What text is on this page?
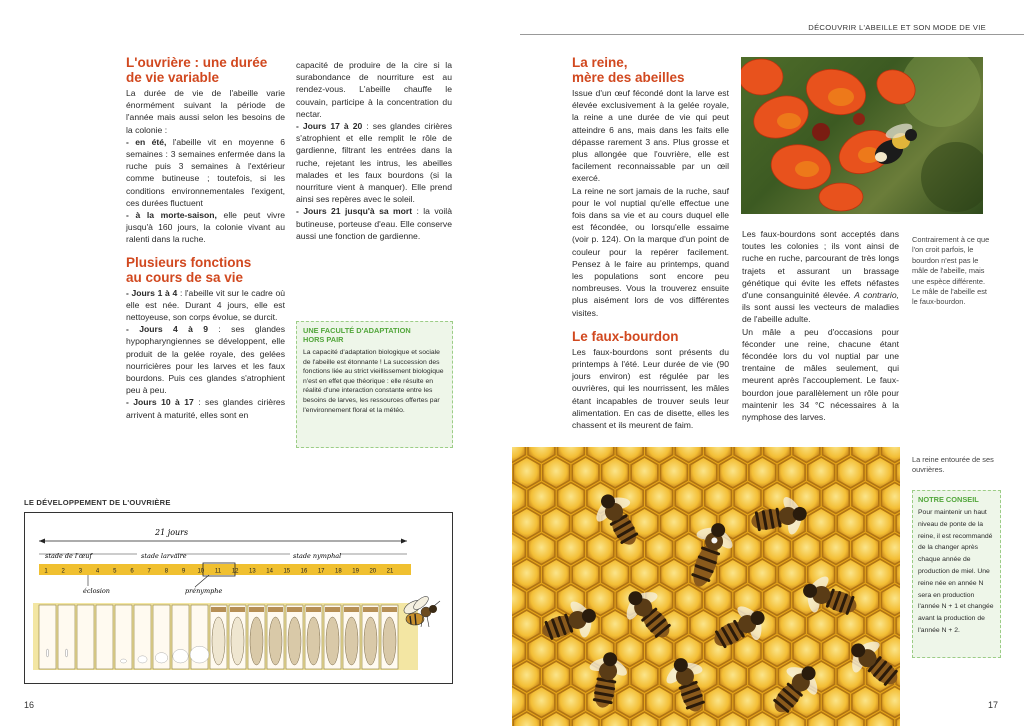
DÉCOUVRIR L'ABEILLE ET SON MODE DE VIE
L'ouvrière : une durée
de vie variable

La durée de vie de l'abeille varie énormément suivant la période de l'année mais aussi selon les besoins de la colonie :

- en été, l'abeille vit en moyenne 6 semaines : 3 semaines enfermée dans la ruche puis 3 semaines à l'extérieur comme butineuse ; toutefois, si les conditions environnementales l'exigent, ces durées fluctuent

- à la morte-saison, elle peut vivre jusqu'à 160 jours, la colonie vivant au ralenti dans la ruche.

Plusieurs fonctions
au cours de sa vie

- Jours 1 à 4 : l'abeille vit sur le cadre où elle est née. Durant 4 jours, elle est nettoyeuse, son corps évolue, se durcit.

- Jours 4 à 9 : ses glandes hypopharyngiennes se développent, elle produit de la gelée royale, des gelées nourricières pour les larves et les faux bourdons. Puis ces glandes s'atrophient peu à peu.

- Jours 10 à 17 : ses glandes cirières arrivent à maturité, elles sont en

capacité de produire de la cire si la surabondance de nourriture est au rendez-vous. L'abeille chauffe le couvain, participe à la concentration du nectar.

- Jours 17 à 20 : ses glandes cirières s'atrophient et elle remplit le rôle de gardienne, filtrant les entrées dans la ruche, rejetant les intrus, les abeilles malades et les faux bourdons (si la nourriture vient à manquer). Elle prend ainsi ses repères avec le soleil.

- Jours 21 jusqu'à sa mort : la voilà butineuse, porteuse d'eau. Elle conserve aussi une fonction de gardienne.

UNE FACULTÉ D'ADAPTATION
HORS PAIR
La capacité d'adaptation biologique et sociale de l'abeille est étonnante ! La succession des fonctions liée au strict vieillissement biologique n'est en effet que théorique : elle résulte en réalité d'une interaction constante entre les besoins de larves, les ressources offertes par l'environnement floral et la météo.
LE DÉVELOPPEMENT DE L'OUVRIÈRE
21 jours
stade de l'œuf	stade larvaire	stade nymphal
1 2 3 4 5 6 7 8 9 10 11 12 13 14 15 16 17 18 19 20 21
éclosion	prénymphe
16
La reine,
mère des abeilles

Issue d'un œuf fécondé dont la larve est élevée exclusivement à la gelée royale, la reine a une durée de vie qui peut atteindre 6 ans, mais dans les faits elle dépasse rarement 3 ans. Plus grosse et plus allongée que l'ouvrière, elle est facilement reconnaissable par un œil exercé.

La reine ne sort jamais de la ruche, sauf pour le vol nuptial qu'elle effectue une fois dans sa vie et au cours duquel elle est fécondée, ou lorsqu'elle essaime (voir p. 124). On la marque d'un point de couleur pour la repérer facilement. Pensez à le faire au printemps, quand les populations sont encore peu nombreuses. Vous la trouverez ensuite plus aisément lors de vos différentes visites.

Le faux-bourdon

Les faux-bourdons sont présents du printemps à l'été. Leur durée de vie (90 jours environ) est régulée par les ouvrières, qui les nourrissent, les mâles étant incapables de trouver seuls leur alimentation. En cas de disette, elles les chassent et ils meurent de faim.

Les faux-bourdons sont acceptés dans toutes les colonies ; ils vont ainsi de ruche en ruche, parcourant de très longs trajets et assurant un brassage génétique qui évite les effets néfastes d'une consanguinité élevée. A contrario, ils sont aussi les vecteurs de maladies de l'abeille adulte.

Un mâle a peu d'occasions pour féconder une reine, chacune étant fécondée lors du vol nuptial par une trentaine de mâles seulement, qui meurent après l'accouplement. Le faux-bourdon joue parallèlement un rôle pour maintenir les 34 °C nécessaires à la nymphose des larves.

Contrairement à ce que l'on croit parfois, le bourdon n'est pas le mâle de l'abeille, mais une espèce différente. Le mâle de l'abeille est le faux-bourdon.
La reine entourée de ses ouvrières.
NOTRE CONSEIL
Pour maintenir un haut niveau de ponte de la reine, il est recommandé de la changer après chaque année de production de miel. Une reine née en année N sera en production l'année N + 1 et changée avant la production de l'année N + 2.
17
